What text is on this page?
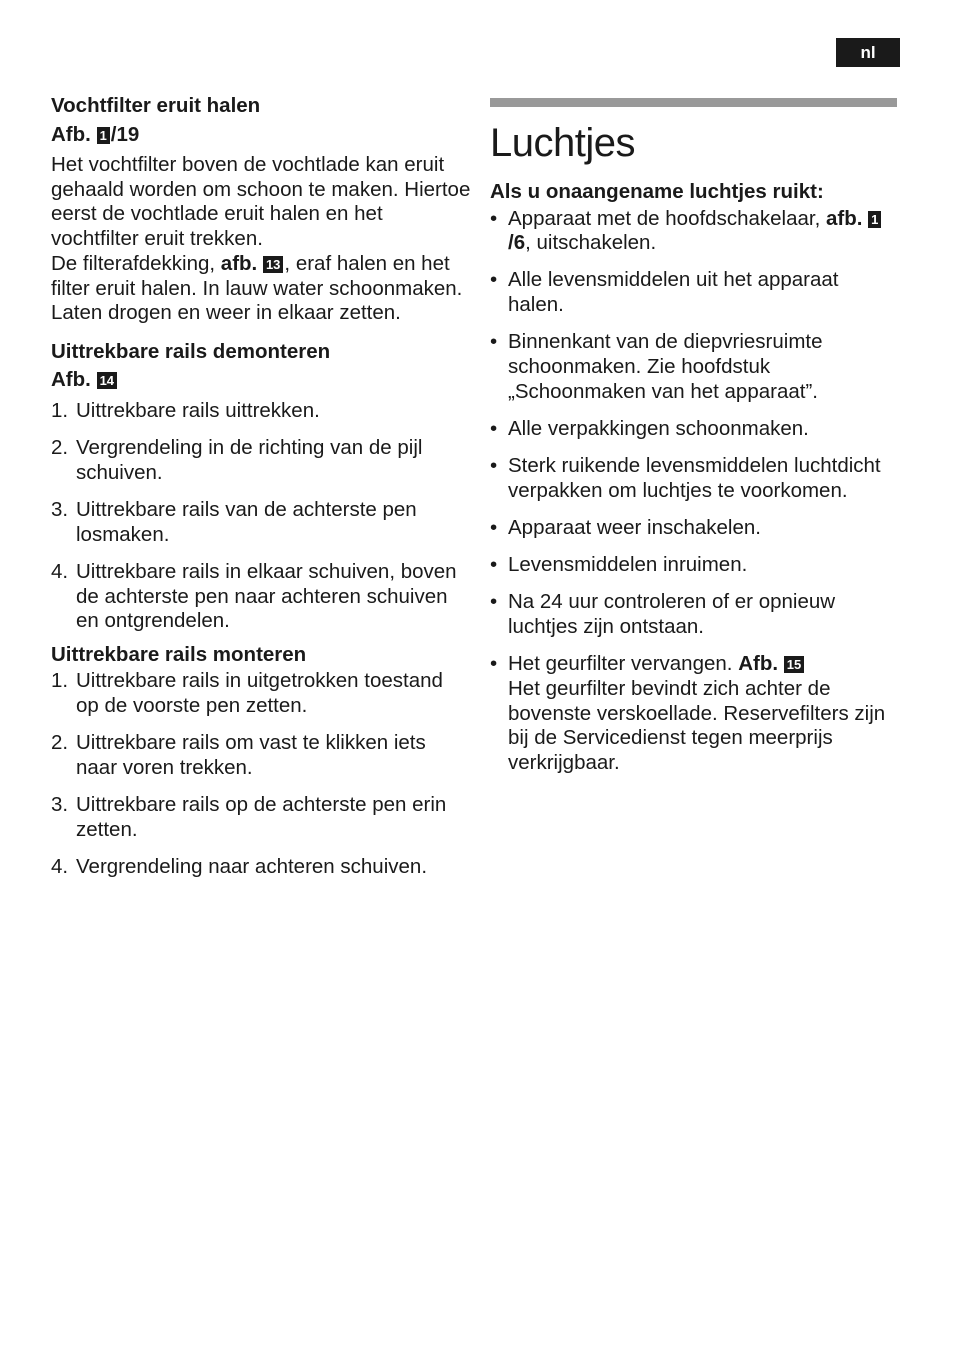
nl
Vochtfilter eruit halen
Afb. 1 /19

Het vochtfilter boven de vochtlade kan eruit gehaald worden om schoon te maken. Hiertoe eerst de vochtlade eruit halen en het vochtfilter eruit trekken.

De filterafdekking, afb. 13 , eraf halen en het filter eruit halen. In lauw water schoonmaken. Laten drogen en weer in elkaar zetten.

Uittrekbare rails demonteren
Afb. 14
1. Uittrekbare rails uittrekken.
2. Vergrendeling in de richting van de pijl schuiven.
3. Uittrekbare rails van de achterste pen losmaken.
4. Uittrekbare rails in elkaar schuiven, boven de achterste pen naar achteren schuiven en ontgrendelen.
Uittrekbare rails monteren
1. Uittrekbare rails in uitgetrokken toestand op de voorste pen zetten.
2. Uittrekbare rails om vast te klikken iets naar voren trekken.
3. Uittrekbare rails op de achterste pen erin zetten.
4. Vergrendeling naar achteren schuiven.
Luchtjes
Als u onaangename luchtjes ruikt:
• Apparaat met de hoofdschakelaar, afb. 1/6, uitschakelen.
• Alle levensmiddelen uit het apparaat halen.
• Binnenkant van de diepvriesruimte schoonmaken. Zie hoofdstuk „Schoonmaken van het apparaat”.
• Alle verpakkingen schoonmaken.
• Sterk ruikende levensmiddelen luchtdicht verpakken om luchtjes te voorkomen.
• Apparaat weer inschakelen.
• Levensmiddelen inruimen.
• Na 24 uur controleren of er opnieuw luchtjes zijn ontstaan.
• Het geurfilter vervangen. Afb. 15
Het geurfilter bevindt zich achter de bovenste verskoellade. Reservefilters zijn bij de Servicedienst tegen meerprijs verkrijgbaar.
